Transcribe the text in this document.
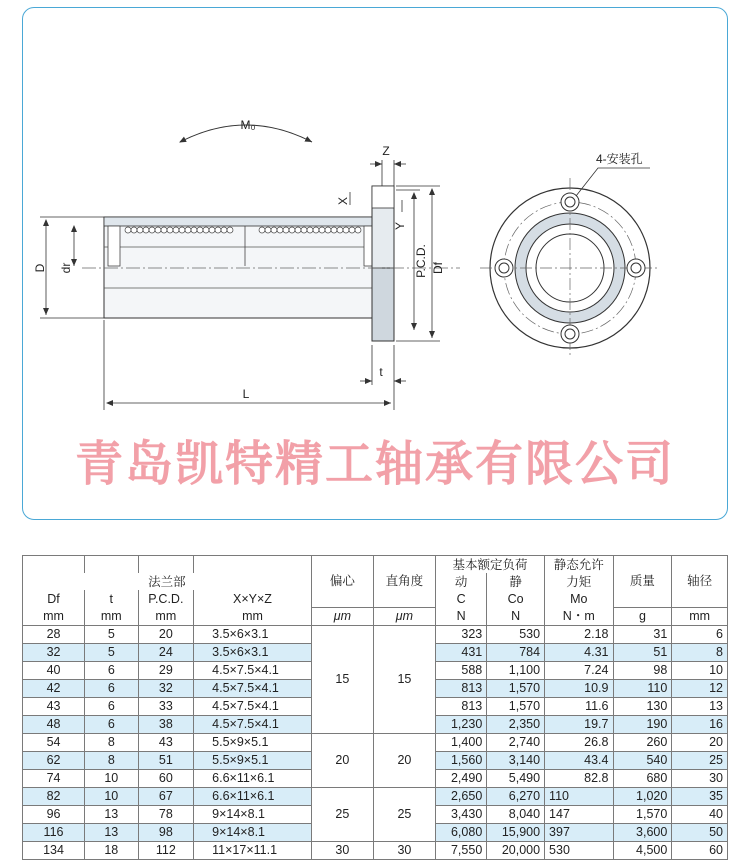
M₀
D dr
L
t
Z
X
Y
P.C.D. Df
4-安装孔
青岛凯特精工轴承有限公司
				偏心	直角度	基本额定负荷		静态允许	质量	轴径
法兰部						动	静	力矩		
Df	t	P.C.D.	X×Y×Z			C	Co	Mo		
mm	mm	mm	mm	μm	μm	N	N	N・m	g	mm
28	5	20	3.5×6×3.1	15	15	323	530	2.18	31	6
32	5	24	3.5×6×3.1			431	784	4.31	51	8
40	6	29	4.5×7.5×4.1			588	1,100	7.24	98	10
42	6	32	4.5×7.5×4.1			813	1,570	10.9	110	12
43	6	33	4.5×7.5×4.1			813	1,570	11.6	130	13
48	6	38	4.5×7.5×4.1			1,230	2,350	19.7	190	16
54	8	43	5.5×9×5.1	20	20	1,400	2,740	26.8	260	20
62	8	51	5.5×9×5.1			1,560	3,140	43.4	540	25
74	10	60	6.6×11×6.1			2,490	5,490	82.8	680	30
82	10	67	6.6×11×6.1	25	25	2,650	6,270	110	1,020	35
96	13	78	9×14×8.1			3,430	8,040	147	1,570	40
116	13	98	9×14×8.1			6,080	15,900	397	3,600	50
134	18	112	11×17×11.1	30	30	7,550	20,000	530	4,500	60
